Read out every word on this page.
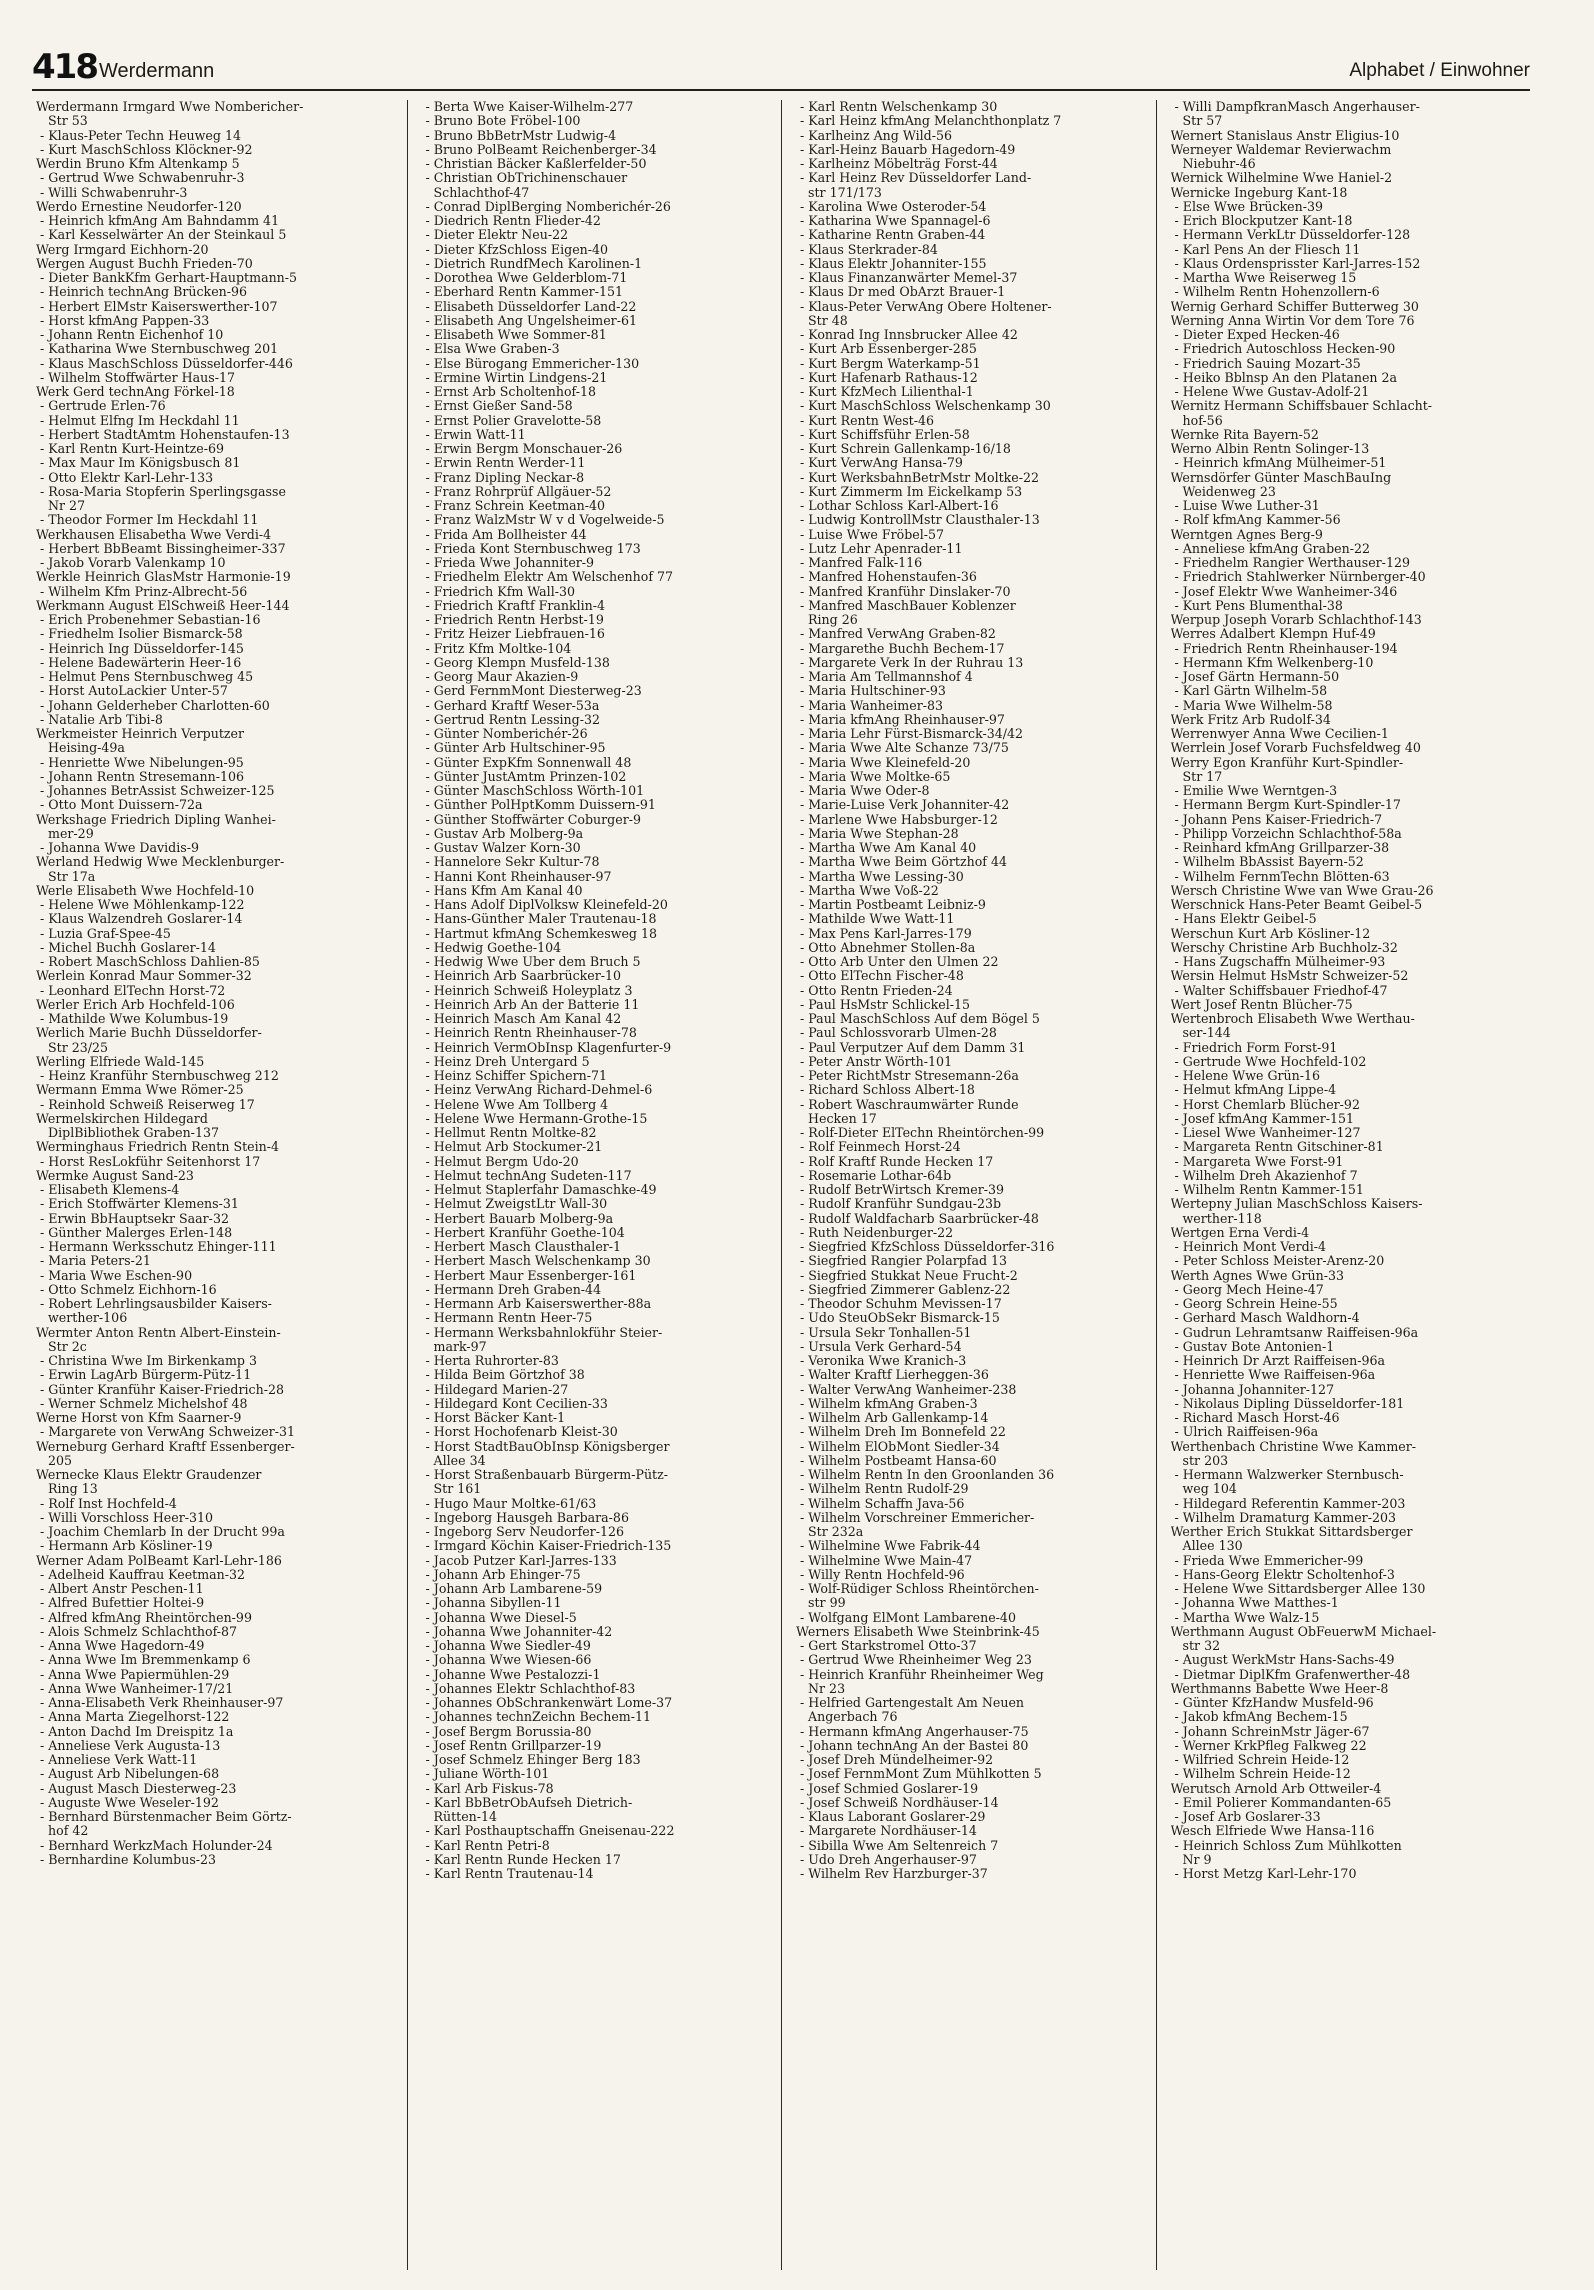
418 Werdermann	Alphabet / Einwohner
Werdermann Irmgard Wwe Nombericher-
Str 53
- Klaus-Peter Techn Heuweg 14
- Kurt MaschSchloss Klöckner-92
Werdin Bruno Kfm Altenkamp 5
- Gertrud Wwe Schwabenruhr-3
- Willi Schwabenruhr-3
Werdo Ernestine Neudorfer-120
- Heinrich kfmAng Am Bahndamm 41
- Karl Kesselwärter An der Steinkaul 5
Werg Irmgard Eichhorn-20
Wergen August Buchh Frieden-70
- Dieter BankKfm Gerhart-Hauptmann-5
- Heinrich technAng Brücken-96
- Herbert ElMstr Kaiserswerther-107
- Horst kfmAng Pappen-33
- Johann Rentn Eichenhof 10
- Katharina Wwe Sternbuschweg 201
- Klaus MaschSchloss Düsseldorfer-446
- Wilhelm Stoffwärter Haus-17
Werk Gerd technAng Förkel-18
- Gertrude Erlen-76
- Helmut Elfng Im Heckdahl 11
- Herbert StadtAmtm Hohenstaufen-13
- Karl Rentn Kurt-Heintze-69
- Max Maur Im Königsbusch 81
- Otto Elektr Karl-Lehr-133
- Rosa-Maria Stopferin Sperlingsgasse
Nr 27
- Theodor Former Im Heckdahl 11
Werkhausen Elisabetha Wwe Verdi-4
- Herbert BbBeamt Bissingheimer-337
- Jakob Vorarb Valenkamp 10
Werkle Heinrich GlasMstr Harmonie-19
- Wilhelm Kfm Prinz-Albrecht-56
Werkmann August ElSchweiß Heer-144
- Erich Probenehmer Sebastian-16
- Friedhelm Isolier Bismarck-58
- Heinrich Ing Düsseldorfer-145
- Helene Badewärterin Heer-16
- Helmut Pens Sternbuschweg 45
- Horst AutoLackier Unter-57
- Johann Gelderheber Charlotten-60
- Natalie Arb Tibi-8
Werkmeister Heinrich Verputzer
Heising-49a
- Henriette Wwe Nibelungen-95
- Johann Rentn Stresemann-106
- Johannes BetrAssist Schweizer-125
- Otto Mont Duissern-72a
Werkshage Friedrich Dipling Wanhei-
mer-29
- Johanna Wwe Davidis-9
Werland Hedwig Wwe Mecklenburger-
Str 17a
Werle Elisabeth Wwe Hochfeld-10
- Helene Wwe Möhlenkamp-122
- Klaus Walzendreh Goslarer-14
- Luzia Graf-Spee-45
- Michel Buchh Goslarer-14
- Robert MaschSchloss Dahlien-85
Werlein Konrad Maur Sommer-32
- Leonhard ElTechn Horst-72
Werler Erich Arb Hochfeld-106
- Mathilde Wwe Kolumbus-19
Werlich Marie Buchh Düsseldorfer-
Str 23/25
Werling Elfriede Wald-145
- Heinz Kranführ Sternbuschweg 212
Wermann Emma Wwe Römer-25
- Reinhold Schweiß Reiserweg 17
Wermelskirchen Hildegard
DiplBibliothek Graben-137
Werminghaus Friedrich Rentn Stein-4
- Horst ResLokführ Seitenhorst 17
Wermke August Sand-23
- Elisabeth Klemens-4
- Erich Stoffwärter Klemens-31
- Erwin BbHauptsekr Saar-32
- Günther Malerges Erlen-148
- Hermann Werksschutz Ehinger-111
- Maria Peters-21
- Maria Wwe Eschen-90
- Otto Schmelz Eichhorn-16
- Robert Lehrlingsausbilder Kaisers-
werther-106
Wermter Anton Rentn Albert-Einstein-
Str 2c
- Christina Wwe Im Birkenkamp 3
- Erwin LagArb Bürgerm-Pütz-11
- Günter Kranführ Kaiser-Friedrich-28
- Werner Schmelz Michelshof 48
Werne Horst von Kfm Saarner-9
- Margarete von VerwAng Schweizer-31
Werneburg Gerhard Kraftf Essenberger-
205
Wernecke Klaus Elektr Graudenzer
Ring 13
- Rolf Inst Hochfeld-4
- Willi Vorschloss Heer-310
- Joachim Chemlarb In der Drucht 99a
- Hermann Arb Kösliner-19
Werner Adam PolBeamt Karl-Lehr-186
- Adelheid Kauffrau Keetman-32
- Albert Anstr Peschen-11
- Alfred Bufettier Holtei-9
- Alfred kfmAng Rheintörchen-99
- Alois Schmelz Schlachthof-87
- Anna Wwe Hagedorn-49
- Anna Wwe Im Bremmenkamp 6
- Anna Wwe Papiermühlen-29
- Anna Wwe Wanheimer-17/21
- Anna-Elisabeth Verk Rheinhauser-97
- Anna Marta Ziegelhorst-122
- Anton Dachd Im Dreispitz 1a
- Anneliese Verk Augusta-13
- Anneliese Verk Watt-11
- August Arb Nibelungen-68
- August Masch Diesterweg-23
- Auguste Wwe Weseler-192
- Bernhard Bürstenmacher Beim Görtz-
hof 42
- Bernhard WerkzMach Holunder-24
- Bernhardine Kolumbus-23
- Berta Wwe Kaiser-Wilhelm-277
- Bruno Bote Fröbel-100
- Bruno BbBetrMstr Ludwig-4
- Bruno PolBeamt Reichenberger-34
- Christian Bäcker Kaßlerfelder-50
- Christian ObTrichinenschauer
Schlachthof-47
- Conrad DiplBerging Nomberichér-26
- Diedrich Rentn Flieder-42
- Dieter Elektr Neu-22
- Dieter KfzSchloss Eigen-40
- Dietrich RundfMech Karolinen-1
- Dorothea Wwe Gelderblom-71
- Eberhard Rentn Kammer-151
- Elisabeth Düsseldorfer Land-22
- Elisabeth Ang Ungelsheimer-61
- Elisabeth Wwe Sommer-81
- Elsa Wwe Graben-3
- Else Bürogang Emmericher-130
- Ermine Wirtin Lindgens-21
- Ernst Arb Scholtenhof-18
- Ernst Gießer Sand-58
- Ernst Polier Gravelotte-58
- Erwin Watt-11
- Erwin Bergm Monschauer-26
- Erwin Rentn Werder-11
- Franz Dipling Neckar-8
- Franz Rohrprüf Allgäuer-52
- Franz Schrein Keetman-40
- Franz WalzMstr W v d Vogelweide-5
- Frida Am Bollheister 44
- Frieda Kont Sternbuschweg 173
- Frieda Wwe Johanniter-9
- Friedhelm Elektr Am Welschenhof 77
- Friedrich Kfm Wall-30
- Friedrich Kraftf Franklin-4
- Friedrich Rentn Herbst-19
- Fritz Heizer Liebfrauen-16
- Fritz Kfm Moltke-104
- Georg Klempn Musfeld-138
- Georg Maur Akazien-9
- Gerd FernmMont Diesterweg-23
- Gerhard Kraftf Weser-53a
- Gertrud Rentn Lessing-32
- Günter Nomberichér-26
- Günter Arb Hultschiner-95
- Günter ExpKfm Sonnenwall 48
- Günter JustAmtm Prinzen-102
- Günter MaschSchloss Wörth-101
- Günther PolHptKomm Duissern-91
- Günther Stoffwärter Coburger-9
- Gustav Arb Molberg-9a
- Gustav Walzer Korn-30
- Hannelore Sekr Kultur-78
- Hanni Kont Rheinhauser-97
- Hans Kfm Am Kanal 40
- Hans Adolf DiplVolksw Kleinefeld-20
- Hans-Günther Maler Trautenau-18
- Hartmut kfmAng Schemkesweg 18
- Hedwig Goethe-104
- Hedwig Wwe Über dem Bruch 5
- Heinrich Arb Saarbrücker-10
- Heinrich Schweiß Holeyplatz 3
- Heinrich Arb An der Batterie 11
- Heinrich Masch Am Kanal 42
- Heinrich Rentn Rheinhauser-78
- Heinrich VermObInsp Klagenfurter-9
- Heinz Dreh Untergard 5
- Heinz Schiffer Spichern-71
- Heinz VerwAng Richard-Dehmel-6
- Helene Wwe Am Tollberg 4
- Helene Wwe Hermann-Grothe-15
- Hellmut Rentn Moltke-82
- Helmut Arb Stockumer-21
- Helmut Bergm Udo-20
- Helmut technAng Sudeten-117
- Helmut Staplerfahr Damaschke-49
- Helmut ZweigstLtr Wall-30
- Herbert Bauarb Molberg-9a
- Herbert Kranführ Goethe-104
- Herbert Masch Clausthaler-1
- Herbert Masch Welschenkamp 30
- Herbert Maur Essenberger-161
- Hermann Dreh Graben-44
- Hermann Arb Kaiserswerther-88a
- Hermann Rentn Heer-75
- Hermann Werksbahnlokführ Steier-
mark-97
- Herta Ruhrorter-83
- Hilda Beim Görtzhof 38
- Hildegard Marien-27
- Hildegard Kont Cecilien-33
- Horst Bäcker Kant-1
- Horst Hochofenarb Kleist-30
- Horst StadtBauObInsp Königsberger
Allee 34
- Horst Straßenbauarb Bürgerm-Pütz-
Str 161
- Hugo Maur Moltke-61/63
- Ingeborg Hausgeh Barbara-86
- Ingeborg Serv Neudorfer-126
- Irmgard Köchin Kaiser-Friedrich-135
- Jacob Putzer Karl-Jarres-133
- Johann Arb Ehinger-75
- Johann Arb Lambarene-59
- Johanna Sibyllen-11
- Johanna Wwe Diesel-5
- Johanna Wwe Johanniter-42
- Johanna Wwe Siedler-49
- Johanna Wwe Wiesen-66
- Johanne Wwe Pestalozzi-1
- Johannes Elektr Schlachthof-83
- Johannes ObSchrankenwärt Lome-37
- Johannes technZeichn Bechem-11
- Josef Bergm Borussia-80
- Josef Rentn Grillparzer-19
- Josef Schmelz Ehinger Berg 183
- Juliane Wörth-101
- Karl Arb Fiskus-78
- Karl BbBetrObAufseh Dietrich-
Rütten-14
- Karl Posthauptschaffn Gneisenau-222
- Karl Rentn Petri-8
- Karl Rentn Runde Hecken 17
- Karl Rentn Trautenau-14
- Karl Rentn Welschenkamp 30
- Karl Heinz kfmAng Melanchthonplatz 7
- Karlheinz Ang Wild-56
- Karl-Heinz Bauarb Hagedorn-49
- Karlheinz Möbelträg Forst-44
- Karl Heinz Rev Düsseldorfer Land-
str 171/173
- Karolina Wwe Osteroder-54
- Katharina Wwe Spannagel-6
- Katharine Rentn Graben-44
- Klaus Sterkrader-84
- Klaus Elektr Johanniter-155
- Klaus Finanzanwärter Memel-37
- Klaus Dr med ObArzt Brauer-1
- Klaus-Peter VerwAng Obere Holtener-
Str 48
- Konrad Ing Innsbrucker Allee 42
- Kurt Arb Essenberger-285
- Kurt Bergm Waterkamp-51
- Kurt Hafenarb Rathaus-12
- Kurt KfzMech Lilienthal-1
- Kurt MaschSchloss Welschenkamp 30
- Kurt Rentn West-46
- Kurt Schiffsführ Erlen-58
- Kurt Schrein Gallenkamp-16/18
- Kurt VerwAng Hansa-79
- Kurt WerksbahnBetrMstr Moltke-22
- Kurt Zimmerm Im Eickelkamp 53
- Lothar Schloss Karl-Albert-16
- Ludwig KontrollMstr Clausthaler-13
- Luise Wwe Fröbel-57
- Lutz Lehr Apenrader-11
- Manfred Falk-116
- Manfred Hohenstaufen-36
- Manfred Kranführ Dinslaker-70
- Manfred MaschBauer Koblenzer
Ring 26
- Manfred VerwAng Graben-82
- Margarethe Buchh Bechem-17
- Margarete Verk In der Ruhrau 13
- Maria Am Tellmannshof 4
- Maria Hultschiner-93
- Maria Wanheimer-83
- Maria kfmAng Rheinhauser-97
- Maria Lehr Fürst-Bismarck-34/42
- Maria Wwe Alte Schanze 73/75
- Maria Wwe Kleinefeld-20
- Maria Wwe Moltke-65
- Maria Wwe Oder-8
- Marie-Luise Verk Johanniter-42
- Marlene Wwe Habsburger-12
- Maria Wwe Stephan-28
- Martha Wwe Am Kanal 40
- Martha Wwe Beim Görtzhof 44
- Martha Wwe Lessing-30
- Martha Wwe Voß-22
- Martin Postbeamt Leibniz-9
- Mathilde Wwe Watt-11
- Max Pens Karl-Jarres-179
- Otto Abnehmer Stollen-8a
- Otto Arb Unter den Ulmen 22
- Otto ElTechn Fischer-48
- Otto Rentn Frieden-24
- Paul HsMstr Schlickel-15
- Paul MaschSchloss Auf dem Bögel 5
- Paul Schlossvorarb Ulmen-28
- Paul Verputzer Auf dem Damm 31
- Peter Anstr Wörth-101
- Peter RichtMstr Stresemann-26a
- Richard Schloss Albert-18
- Robert Waschraumwärter Runde
Hecken 17
- Rolf-Dieter ElTechn Rheintörchen-99
- Rolf Feinmech Horst-24
- Rolf Kraftf Runde Hecken 17
- Rosemarie Lothar-64b
- Rudolf BetrWirtsch Kremer-39
- Rudolf Kranführ Sundgau-23b
- Rudolf Waldfacharb Saarbrücker-48
- Ruth Neidenburger-22
- Siegfried KfzSchloss Düsseldorfer-316
- Siegfried Rangier Polarpfad 13
- Siegfried Stukkat Neue Frucht-2
- Siegfried Zimmerer Gablenz-22
- Theodor Schuhm Mevissen-17
- Udo SteuObSekr Bismarck-15
- Ursula Sekr Tonhallen-51
- Ursula Verk Gerhard-54
- Veronika Wwe Kranich-3
- Walter Kraftf Lierheggen-36
- Walter VerwAng Wanheimer-238
- Wilhelm kfmAng Graben-3
- Wilhelm Arb Gallenkamp-14
- Wilhelm Dreh Im Bonnefeld 22
- Wilhelm ElObMont Siedler-34
- Wilhelm Postbeamt Hansa-60
- Wilhelm Rentn In den Groonlanden 36
- Wilhelm Rentn Rudolf-29
- Wilhelm Schaffn Java-56
- Wilhelm Vorschreiner Emmericher-
Str 232a
- Wilhelmine Wwe Fabrik-44
- Wilhelmine Wwe Main-47
- Willy Rentn Hochfeld-96
- Wolf-Rüdiger Schloss Rheintörchen-
str 99
- Wolfgang ElMont Lambarene-40
Werners Elisabeth Wwe Steinbrink-45
- Gert Starkstromel Otto-37
- Gertrud Wwe Rheinheimer Weg 23
- Heinrich Kranführ Rheinheimer Weg
Nr 23
- Helfried Gartengestalt Am Neuen
Angerbach 76
- Hermann kfmAng Angerhauser-75
- Johann technAng An der Bastei 80
- Josef Dreh Mündelheimer-92
- Josef FernmMont Zum Mühlkotten 5
- Josef Schmied Goslarer-19
- Josef Schweiß Nordhäuser-14
- Klaus Laborant Goslarer-29
- Margarete Nordhäuser-14
- Sibilla Wwe Am Seltenreich 7
- Udo Dreh Angerhauser-97
- Wilhelm Rev Harzburger-37
- Willi DampfkranMasch Angerhauser-
Str 57
Wernert Stanislaus Anstr Eligius-10
Werneyer Waldemar Revierwachm
Niebuhr-46
Wernick Wilhelmine Wwe Haniel-2
Wernicke Ingeburg Kant-18
- Else Wwe Brücken-39
- Erich Blockputzer Kant-18
- Hermann VerkLtr Düsseldorfer-128
- Karl Pens An der Fliesch 11
- Klaus Ordensprisster Karl-Jarres-152
- Martha Wwe Reiserweg 15
- Wilhelm Rentn Hohenzollern-6
Wernig Gerhard Schiffer Butterweg 30
Werning Anna Wirtin Vor dem Tore 76
- Dieter Exped Hecken-46
- Friedrich Autoschloss Hecken-90
- Friedrich Sauing Mozart-35
- Heiko Bblnsp An den Platanen 2a
- Helene Wwe Gustav-Adolf-21
Wernitz Hermann Schiffsbauer Schlacht-
hof-56
Wernke Rita Bayern-52
Werno Albin Rentn Solinger-13
- Heinrich kfmAng Mülheimer-51
Wernsdörfer Günter MaschBauIng
Weidenweg 23
- Luise Wwe Luther-31
- Rolf kfmAng Kammer-56
Werntgen Agnes Berg-9
- Anneliese kfmAng Graben-22
- Friedhelm Rangier Werthauser-129
- Friedrich Stahlwerker Nürnberger-40
- Josef Elektr Wwe Wanheimer-346
- Kurt Pens Blumenthal-38
Werpup Joseph Vorarb Schlachthof-143
Werres Adalbert Klempn Huf-49
- Friedrich Rentn Rheinhauser-194
- Hermann Kfm Welkenberg-10
- Josef Gärtn Hermann-50
- Karl Gärtn Wilhelm-58
- Maria Wwe Wilhelm-58
Werk Fritz Arb Rudolf-34
Werrenwyer Anna Wwe Cecilien-1
Werrlein Josef Vorarb Fuchsfeldweg 40
Werry Egon Kranführ Kurt-Spindler-
Str 17
- Emilie Wwe Werntgen-3
- Hermann Bergm Kurt-Spindler-17
- Johann Pens Kaiser-Friedrich-7
- Philipp Vorzeichn Schlachthof-58a
- Reinhard kfmAng Grillparzer-38
- Wilhelm BbAssist Bayern-52
- Wilhelm FernmTechn Blötten-63
Wersch Christine Wwe van Wwe Grau-26
Werschnick Hans-Peter Beamt Geibel-5
- Hans Elektr Geibel-5
Werschun Kurt Arb Kösliner-12
Werschy Christine Arb Buchholz-32
- Hans Zugschaffn Mülheimer-93
Wersin Helmut HsMstr Schweizer-52
- Walter Schiffsbauer Friedhof-47
Wert Josef Rentn Blücher-75
Wertenbroch Elisabeth Wwe Werthau-
ser-144
- Friedrich Form Forst-91
- Gertrude Wwe Hochfeld-102
- Helene Wwe Grün-16
- Helmut kfmAng Lippe-4
- Horst Chemlarb Blücher-92
- Josef kfmAng Kammer-151
- Liesel Wwe Wanheimer-127
- Margareta Rentn Gitschiner-81
- Margareta Wwe Forst-91
- Wilhelm Dreh Akazienhof 7
- Wilhelm Rentn Kammer-151
Wertepny Julian MaschSchloss Kaisers-
werther-118
Wertgen Erna Verdi-4
- Heinrich Mont Verdi-4
- Peter Schloss Meister-Arenz-20
Werth Agnes Wwe Grün-33
- Georg Mech Heine-47
- Georg Schrein Heine-55
- Gerhard Masch Waldhorn-4
- Gudrun Lehramtsanw Raiffeisen-96a
- Gustav Bote Antonien-1
- Heinrich Dr Arzt Raiffeisen-96a
- Henriette Wwe Raiffeisen-96a
- Johanna Johanniter-127
- Nikolaus Dipling Düsseldorfer-181
- Richard Masch Horst-46
- Ulrich Raiffeisen-96a
Werthenbach Christine Wwe Kammer-
str 203
- Hermann Walzwerker Sternbusch-
weg 104
- Hildegard Referentin Kammer-203
- Wilhelm Dramaturg Kammer-203
Werther Erich Stukkat Sittardsberger
Allee 130
- Frieda Wwe Emmericher-99
- Hans-Georg Elektr Scholtenhof-3
- Helene Wwe Sittardsberger Allee 130
- Johanna Wwe Matthes-1
- Martha Wwe Walz-15
Werthmann August ObFeuerwM Michael-
str 32
- August WerkMstr Hans-Sachs-49
- Dietmar DiplKfm Grafenwerther-48
Werthmanns Babette Wwe Heer-8
- Günter KfzHandw Musfeld-96
- Jakob kfmAng Bechem-15
- Johann SchreinMstr Jäger-67
- Werner KrkPfleg Falkweg 22
- Wilfried Schrein Heide-12
- Wilhelm Schrein Heide-12
Werutsch Arnold Arb Ottweiler-4
- Emil Polierer Kommandanten-65
- Josef Arb Goslarer-33
Wesch Elfriede Wwe Hansa-116
- Heinrich Schloss Zum Mühlkotten
Nr 9
- Horst Metzg Karl-Lehr-170
